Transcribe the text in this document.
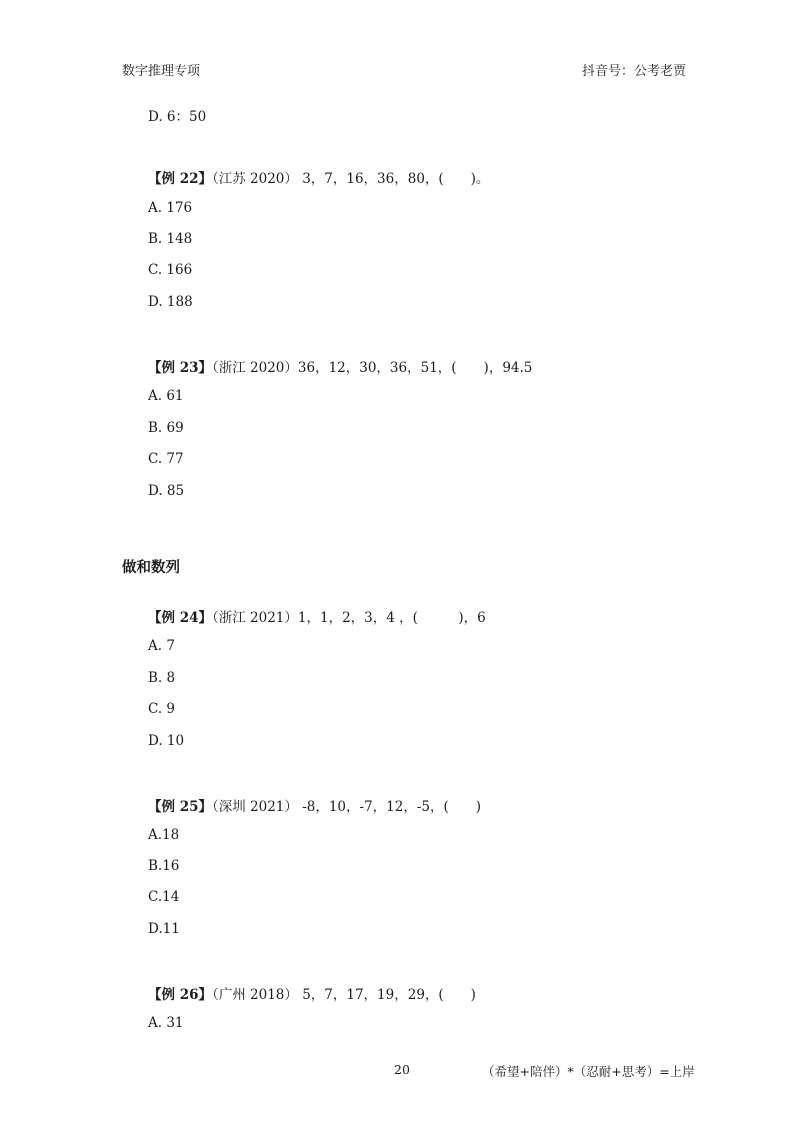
数字推理专项	抖音号：公考老贾
D. 6：50
【例 22】（江苏 2020） 3，7，16，36，80，(　　)。
A. 176
B. 148
C. 166
D. 188
【例 23】（浙江 2020）36，12，30，36，51，(　　)，94.5
A. 61
B. 69
C. 77
D. 85
做和数列
【例 24】（浙江 2021）1，1，2，3，4 ，(　　　)，6
A. 7
B. 8
C. 9
D. 10
【例 25】（深圳 2021） -8，10，-7，12，-5，(　　)
A.18
B.16
C.14
D.11
【例 26】（广州 2018） 5，7，17，19，29，(　　)
A. 31
20	（希望+陪伴）*（忍耐+思考）=上岸
